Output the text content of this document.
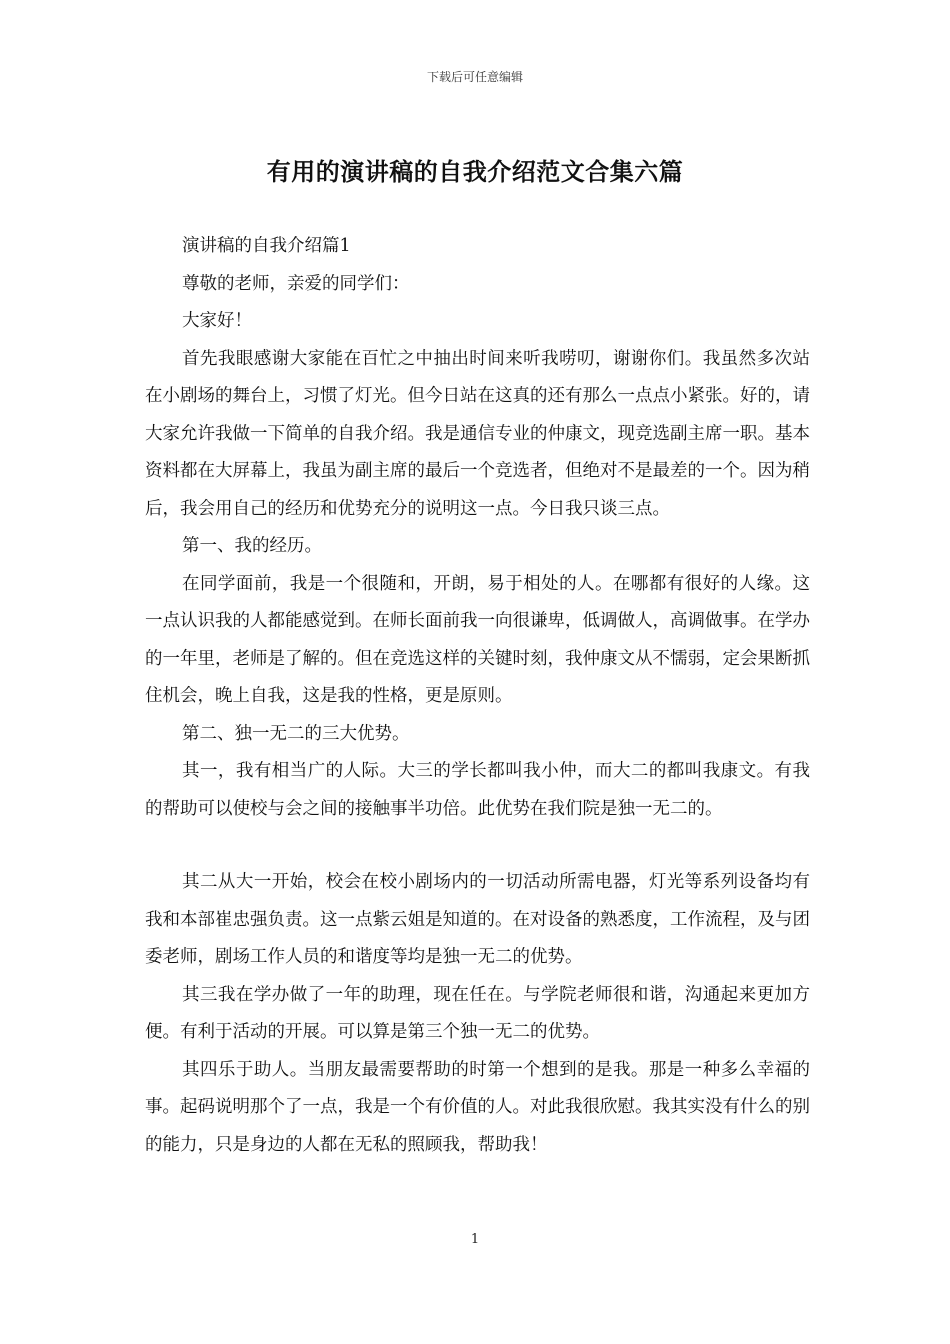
下载后可任意编辑
有用的演讲稿的自我介绍范文合集六篇

演讲稿的自我介绍篇1

尊敬的老师，亲爱的同学们：

大家好！

首先我眼感谢大家能在百忙之中抽出时间来听我唠叨，谢谢你们。我虽然多次站在小剧场的舞台上，习惯了灯光。但今日站在这真的还有那么一点点小紧张。好的，请大家允许我做一下简单的自我介绍。我是通信专业的仲康文，现竞选副主席一职。基本资料都在大屏幕上，我虽为副主席的最后一个竞选者，但绝对不是最差的一个。因为稍后，我会用自己的经历和优势充分的说明这一点。今日我只谈三点。

第一、我的经历。

在同学面前，我是一个很随和，开朗，易于相处的人。在哪都有很好的人缘。这一点认识我的人都能感觉到。在师长面前我一向很谦卑，低调做人，高调做事。在学办的一年里，老师是了解的。但在竞选这样的关键时刻，我仲康文从不懦弱，定会果断抓住机会，晚上自我，这是我的性格，更是原则。

第二、独一无二的三大优势。

其一，我有相当广的人际。大三的学长都叫我小仲，而大二的都叫我康文。有我的帮助可以使校与会之间的接触事半功倍。此优势在我们院是独一无二的。

其二从大一开始，校会在校小剧场内的一切活动所需电器，灯光等系列设备均有我和本部崔忠强负责。这一点紫云姐是知道的。在对设备的熟悉度，工作流程，及与团委老师，剧场工作人员的和谐度等均是独一无二的优势。

其三我在学办做了一年的助理，现在任在。与学院老师很和谐，沟通起来更加方便。有利于活动的开展。可以算是第三个独一无二的优势。

其四乐于助人。当朋友最需要帮助的时第一个想到的是我。那是一种多么幸福的事。起码说明那个了一点，我是一个有价值的人。对此我很欣慰。我其实没有什么的别的能力，只是身边的人都在无私的照顾我，帮助我！

1
